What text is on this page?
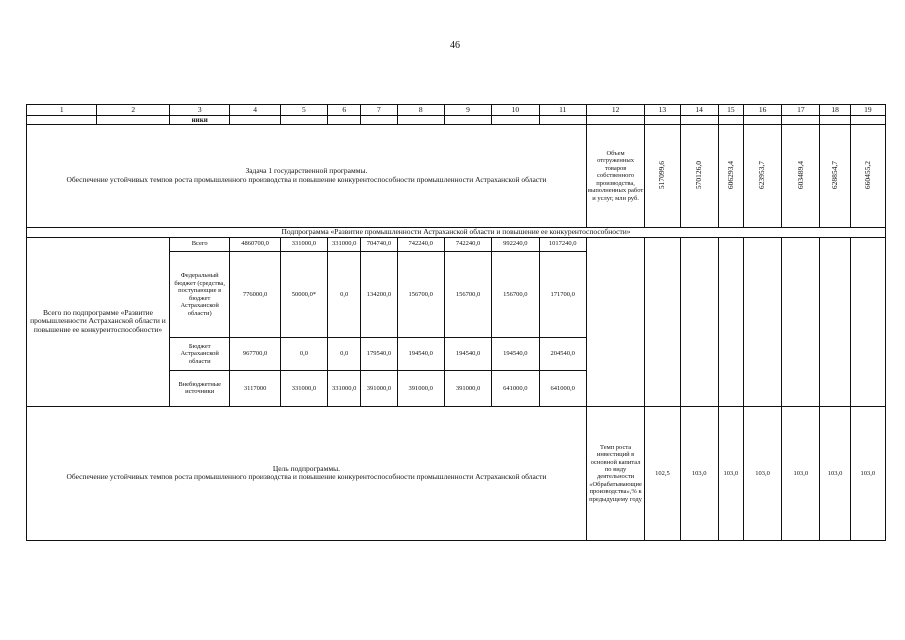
46
1	2	3	4	5	6	7	8	9	10	11	12	13	14	15	16	17	18	19
		ники																

Задача 1 государственной программы.
Обеспечение устойчивых темпов роста промышленного производства и повышение конкурентоспособности промышленности Астраханской области											Объем отгруженных товаров собственного производства, выполненных работ и услуг, млн руб.	517099,6	570126,0	606293,4	623953,7	603489,4	628854,7	660455,2
Подпрограмма «Развитие промышленности Астраханской области и повышение ее конкурентоспособности»																		
Всего по подпрограмме «Развитие промышленности Астраханской области и повышение ее конкурентоспособности»		Всего	4860700,0	331000,0	331000,0	704740,0	742240,0	742240,0	992240,0	1017240,0								
		Федеральный бюджет (средства, поступающие в бюджет Астраханской области)	776000,0	50000,0*	0,0	134200,0	156700,0	156700,0	156700,0	171700,0								
		Бюджет Астраханской области	967700,0	0,0	0,0	179540,0	194540,0	194540,0	194540,0	204540,0								
		Внебюджетные источники	3117000	331000,0	331000,0	391000,0	391000,0	391000,0	641000,0	641000,0								

Цель подпрограммы.
Обеспечение устойчивых темпов роста промышленного производства и повышение конкурентоспособности промышленности Астраханской области											Темп роста инвестиций в основной капитал по виду деятельности «Обрабатывающие производства»,% к предыдущему году	102,5	103,0	103,0	103,0	103,0	103,0	103,0
